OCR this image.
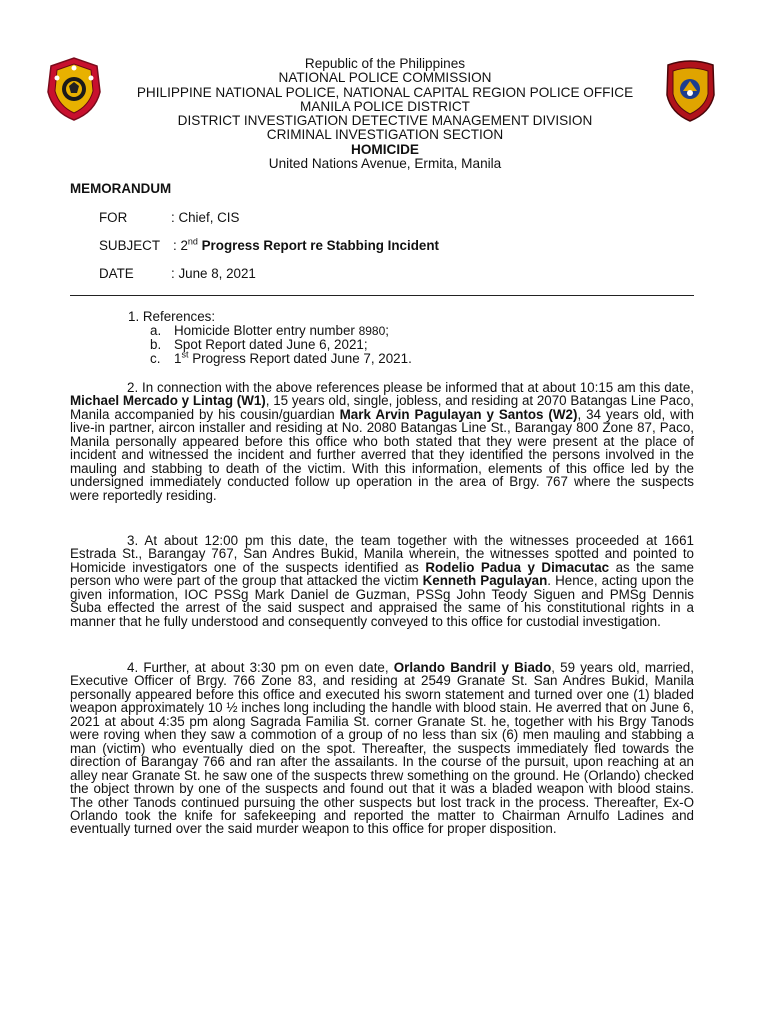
Republic of the Philippines
NATIONAL POLICE COMMISSION
PHILIPPINE NATIONAL POLICE, NATIONAL CAPITAL REGION POLICE OFFICE
MANILA POLICE DISTRICT
DISTRICT INVESTIGATION DETECTIVE MANAGEMENT DIVISION
CRIMINAL INVESTIGATION SECTION
HOMICIDE
United Nations Avenue, Ermita, Manila
MEMORANDUM
FOR	: Chief, CIS
SUBJECT : 2nd Progress Report re Stabbing Incident
DATE	: June 8, 2021
1. References:
a. Homicide Blotter entry number 8980;
b. Spot Report dated June 6, 2021;
c. 1st Progress Report dated June 7, 2021.
2. In connection with the above references please be informed that at about 10:15 am this date, Michael Mercado y Lintag (W1), 15 years old, single, jobless, and residing at 2070 Batangas Line Paco, Manila accompanied by his cousin/guardian Mark Arvin Pagulayan y Santos (W2), 34 years old, with live-in partner, aircon installer and residing at No. 2080 Batangas Line St., Barangay 800 Zone 87, Paco, Manila personally appeared before this office who both stated that they were present at the place of incident and witnessed the incident and further averred that they identified the persons involved in the mauling and stabbing to death of the victim. With this information, elements of this office led by the undersigned immediately conducted follow up operation in the area of Brgy. 767 where the suspects were reportedly residing.
3. At about 12:00 pm this date, the team together with the witnesses proceeded at 1661 Estrada St., Barangay 767, San Andres Bukid, Manila wherein, the witnesses spotted and pointed to Homicide investigators one of the suspects identified as Rodelio Padua y Dimacutac as the same person who were part of the group that attacked the victim Kenneth Pagulayan. Hence, acting upon the given information, IOC PSSg Mark Daniel de Guzman, PSSg John Teody Siguen and PMSg Dennis Suba effected the arrest of the said suspect and appraised the same of his constitutional rights in a manner that he fully understood and consequently conveyed to this office for custodial investigation.
4. Further, at about 3:30 pm on even date, Orlando Bandril y Biado, 59 years old, married, Executive Officer of Brgy. 766 Zone 83, and residing at 2549 Granate St. San Andres Bukid, Manila personally appeared before this office and executed his sworn statement and turned over one (1) bladed weapon approximately 10 ½ inches long including the handle with blood stain. He averred that on June 6, 2021 at about 4:35 pm along Sagrada Familia St. corner Granate St. he, together with his Brgy Tanods were roving when they saw a commotion of a group of no less than six (6) men mauling and stabbing a man (victim) who eventually died on the spot. Thereafter, the suspects immediately fled towards the direction of Barangay 766 and ran after the assailants. In the course of the pursuit, upon reaching at an alley near Granate St. he saw one of the suspects threw something on the ground. He (Orlando) checked the object thrown by one of the suspects and found out that it was a bladed weapon with blood stains. The other Tanods continued pursuing the other suspects but lost track in the process. Thereafter, Ex-O Orlando took the knife for safekeeping and reported the matter to Chairman Arnulfo Ladines and eventually turned over the said murder weapon to this office for proper disposition.
